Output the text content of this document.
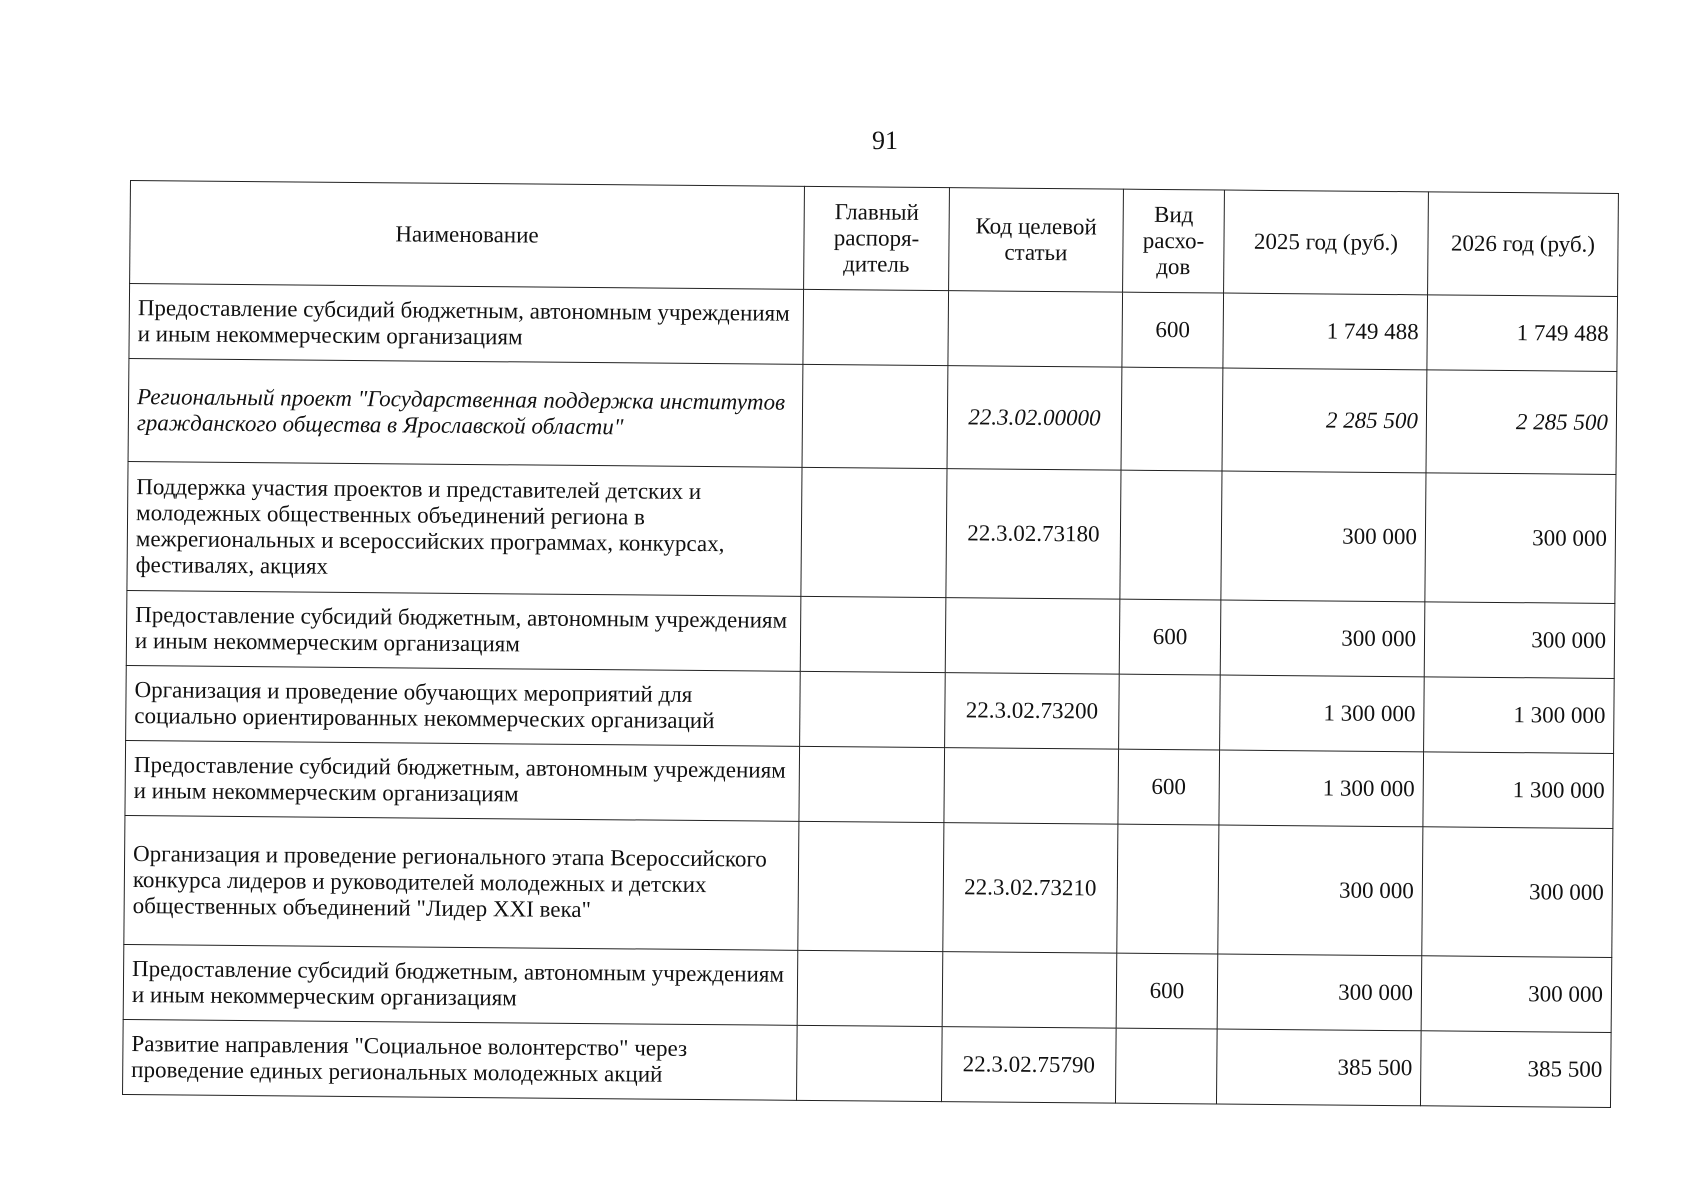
91
Наименование	Главный распоря-дитель	Код целевой статьи	Вид расхо-дов	2025 год (руб.)	2026 год (руб.)
Предоставление субсидий бюджетным, автономным учреждениям и иным некоммерческим организациям			600	1 749 488	1 749 488
Региональный проект "Государственная поддержка институтов гражданского общества в Ярославской области"		22.3.02.00000		2 285 500	2 285 500
Поддержка участия проектов и представителей детских и молодежных общественных объединений региона в межрегиональных и всероссийских программах, конкурсах, фестивалях, акциях		22.3.02.73180		300 000	300 000
Предоставление субсидий бюджетным, автономным учреждениям и иным некоммерческим организациям			600	300 000	300 000
Организация и проведение обучающих мероприятий для социально ориентированных некоммерческих организаций		22.3.02.73200		1 300 000	1 300 000
Предоставление субсидий бюджетным, автономным учреждениям и иным некоммерческим организациям			600	1 300 000	1 300 000
Организация и проведение регионального этапа Всероссийского конкурса лидеров и руководителей молодежных и детских общественных объединений "Лидер XXI века"		22.3.02.73210		300 000	300 000
Предоставление субсидий бюджетным, автономным учреждениям и иным некоммерческим организациям			600	300 000	300 000
Развитие направления "Социальное волонтерство" через проведение единых региональных молодежных акций		22.3.02.75790		385 500	385 500
